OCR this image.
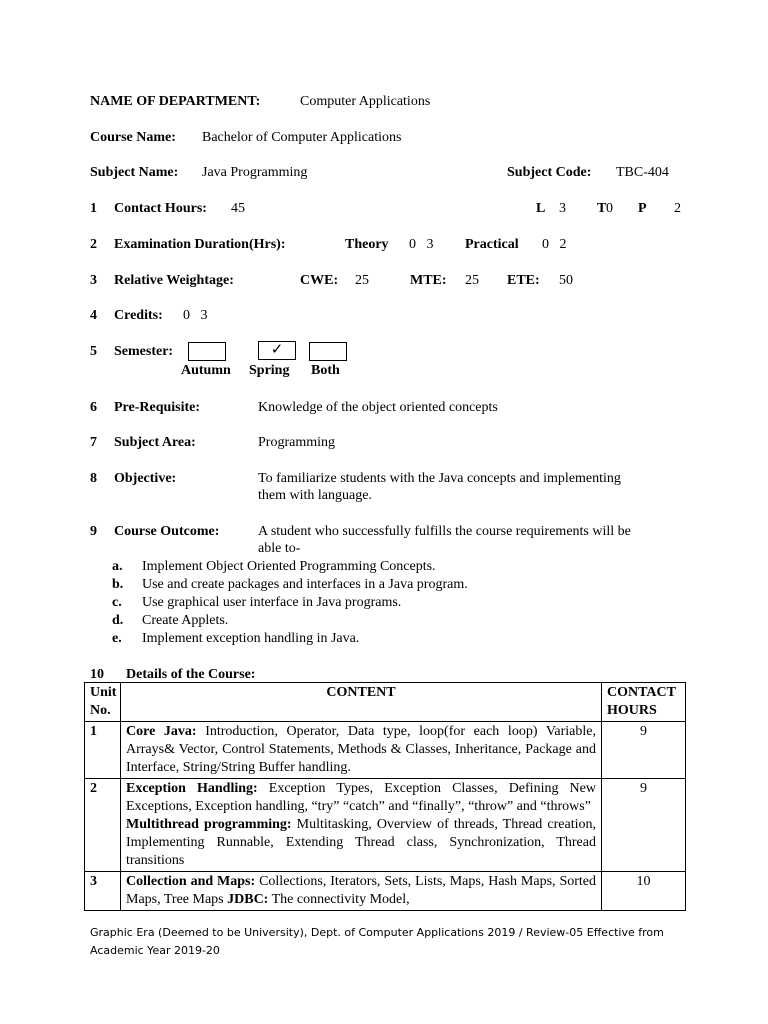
NAME OF DEPARTMENT:	Computer Applications
Course Name: Bachelor of Computer Applications
Subject Name: Java Programming	Subject Code: TBC-404
1 Contact Hours: 45	L 3 T 0 P 2
2 Examination Duration(Hrs):	Theory 0   3 Practical 0   2
3 Relative Weightage:	CWE: 25	MTE: 25 ETE: 50
4 Credits: 0   3
5 Semester:	✓
Autumn Spring Both
6 Pre-Requisite:	Knowledge of the object oriented concepts
7 Subject Area:	Programming
8 Objective:	To familiarize students with the Java concepts and implementing
them with language.
9 Course Outcome:	A student who successfully fulfills the course requirements will be
able to-
a.	Implement Object Oriented Programming Concepts.
b.	Use and create packages and interfaces in a Java program.
c.	Use graphical user interface in Java programs.
d.	Create Applets.
e.	Implement exception handling in Java.
10 Details of the Course:
Unit No.	CONTENT	CONTACT HOURS
1	Core Java: Introduction, Operator, Data type, loop(for each loop) Variable, Arrays& Vector, Control Statements, Methods & Classes, Inheritance, Package and Interface, String/String Buffer handling.	9
2	Exception Handling: Exception Types, Exception Classes, Defining New Exceptions, Exception handling, “try” “catch” and “finally”, “throw” and “throws”
Multithread programming: Multitasking, Overview of threads, Thread creation, Implementing Runnable, Extending Thread class, Synchronization, Thread transitions	9
3	Collection and Maps: Collections, Iterators, Sets, Lists, Maps, Hash Maps, Sorted Maps, Tree Maps JDBC: The connectivity Model,	10
Graphic Era (Deemed to be University), Dept. of Computer Applications 2019 / Review-05 Effective from Academic Year 2019-20
